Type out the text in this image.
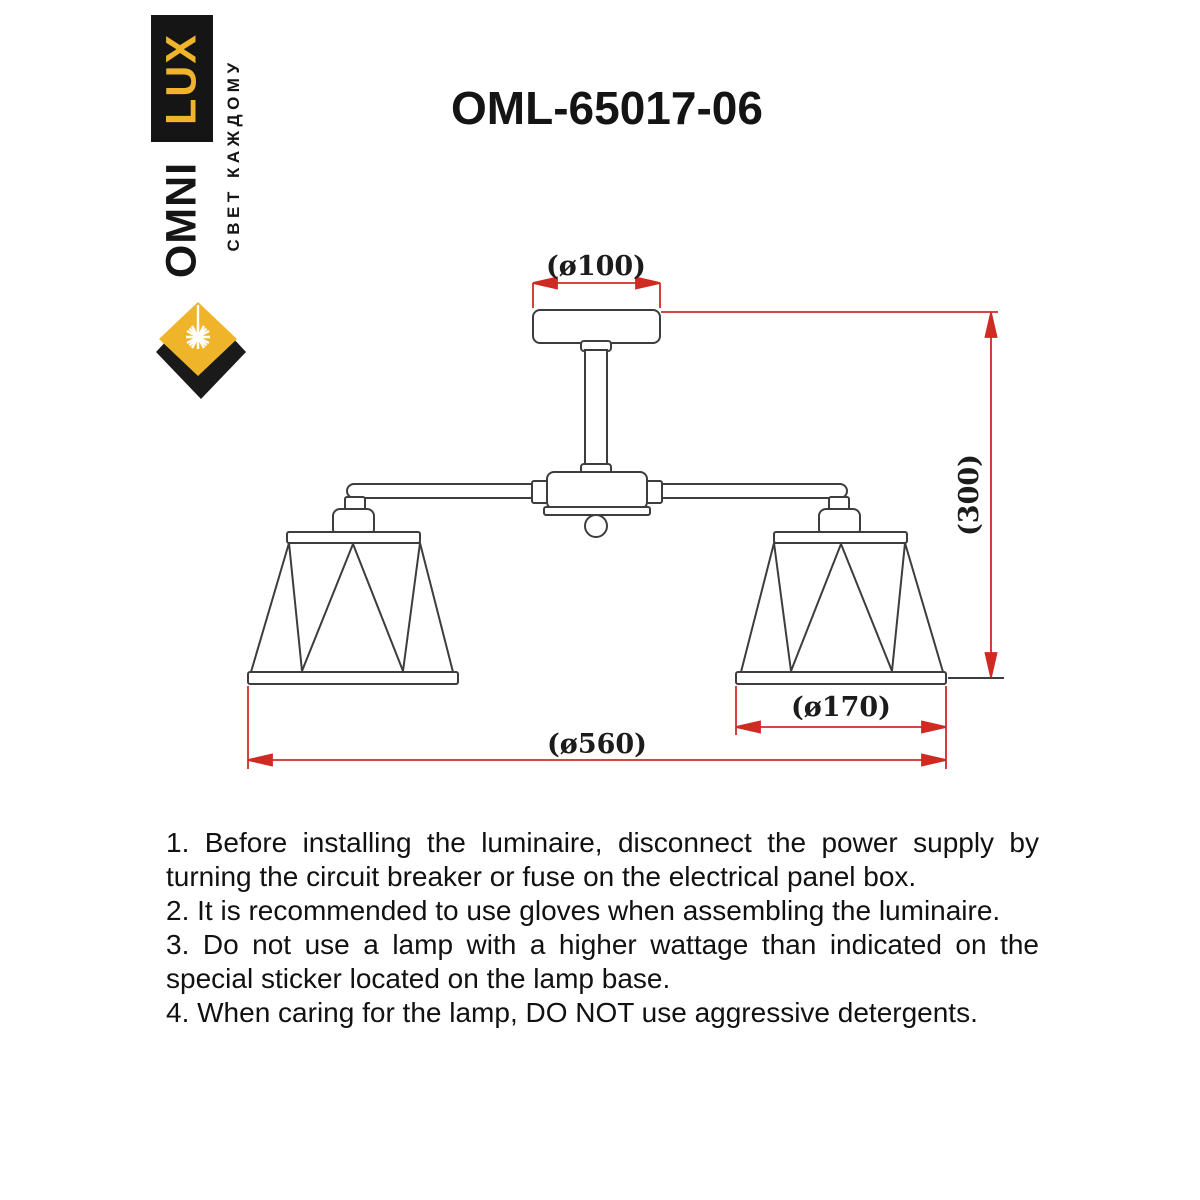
LUX
OMNI СВЕТ КАЖДОМУ	OML-65017-06
(ø100)
(300)
(ø170)
(ø560)

1. Before installing the luminaire, disconnect the power supply by turning the circuit breaker or fuse on the electrical panel box.

2. It is recommended to use gloves when assembling the luminaire.

3. Do not use a lamp with a higher wattage than indicated on the special sticker located on the lamp base.

4. When caring for the lamp, DO NOT use aggressive detergents.
